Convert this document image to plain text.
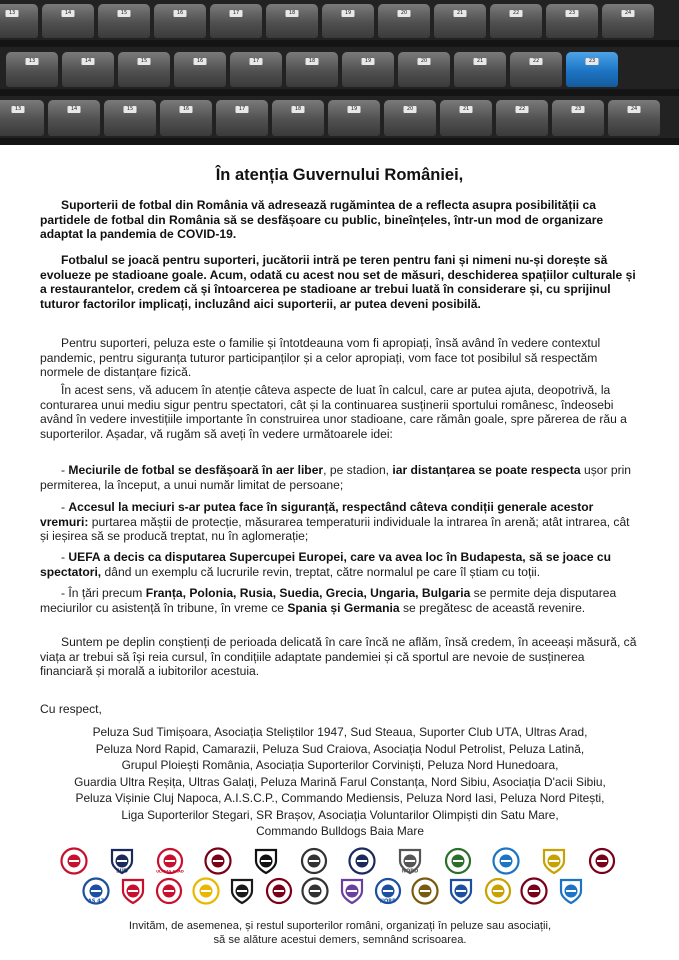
13	14	15	16	17	18	19	20	21	22	23	24
13	14	15	16	17	18	19	20	21	22	23
13	14	15	16	17	18	19	20	21	22	23	24
În atenția Guvernului României,

Suporterii de fotbal din România vă adresează rugămintea de a reflecta asupra posibilității ca partidele de fotbal din România să se desfășoare cu public, bineînțeles, într-un mod de organizare adaptat la pandemia de COVID-19.

Fotbalul se joacă pentru suporteri, jucătorii intră pe teren pentru fani și nimeni nu-și dorește să evolueze pe stadioane goale. Acum, odată cu acest nou set de măsuri, deschiderea spațiilor culturale și a restaurantelor, credem că și întoarcerea pe stadioane ar trebui luată în considerare și, cu sprijinul tuturor factorilor implicați, incluzând aici suporterii, ar putea deveni posibilă.

Pentru suporteri, peluza este o familie și întotdeauna vom fi apropiați, însă având în vedere contextul pandemic, pentru siguranța tuturor participanților și a celor apropiați, vom face tot posibilul să respectăm normele de distanțare fizică.

În acest sens, vă aducem în atenție câteva aspecte de luat în calcul, care ar putea ajuta, deopotrivă, la conturarea unui mediu sigur pentru spectatori, cât și la continuarea susținerii sportului românesc, îndeosebi având în vedere investițiile importante în construirea unor stadioane, care rămân goale, spre părerea de rău a suporterilor. Așadar, vă rugăm să aveți în vedere următoarele idei:

- Meciurile de fotbal se desfășoară în aer liber, pe stadion, iar distanțarea se poate respecta ușor prin permiterea, la început, a unui număr limitat de persoane;

- Accesul la meciuri s-ar putea face în siguranță, respectând câteva condiții generale acestor vremuri: purtarea măștii de protecție, măsurarea temperaturii individuale la intrarea în arenă; atât intrarea, cât și ieșirea să se producă treptat, nu în aglomerație;

- UEFA a decis ca disputarea Supercupei Europei, care va avea loc în Budapesta, să se joace cu spectatori, dând un exemplu că lucrurile revin, treptat, către normalul pe care îl știam cu toții.

- În țări precum Franța, Polonia, Rusia, Suedia, Grecia, Ungaria, Bulgaria se permite deja disputarea meciurilor cu asistență în tribune, în vreme ce Spania și Germania se pregătesc de această revenire.

Suntem pe deplin conștienți de perioada delicată în care încă ne aflăm, însă credem, în aceeași măsură, că viața ar trebui să își reia cursul, în condițiile adaptate pandemiei și că sportul are nevoie de susținerea financiară și morală a iubitorilor acestuia.

Cu respect,
Peluza Sud Timișoara, Asociația Steliștilor 1947, Sud Steaua, Suporter Club UTA, Ultras Arad,
Peluza Nord Rapid, Camarazii, Peluza Sud Craiova, Asociația Nodul Petrolist, Peluza Latină,
Grupul Ploiești România, Asociația Suporterilor Corviniști, Peluza Nord Hunedoara,
Guardia Ultra Reșița, Ultras Galați, Peluza Marină Farul Constanța, Nord Sibiu, Asociația D'acii Sibiu,
Peluza Vișinie Cluj Napoca, A.I.S.C.P., Commando Mediensis, Peluza Nord Iasi, Peluza Nord Pitești,
Liga Suporterilor Stegari, SR Brașov, Asociația Voluntarilor Olimpiști din Satu Mare,
Commando Bulldogs Baia Mare
SUD	ULTRAS ARAD	NORD
AS 47	NORD
Invităm, de asemenea, și restul suporterilor români, organizați în peluze sau asociații,
să se alăture acestui demers, semnând scrisoarea.
